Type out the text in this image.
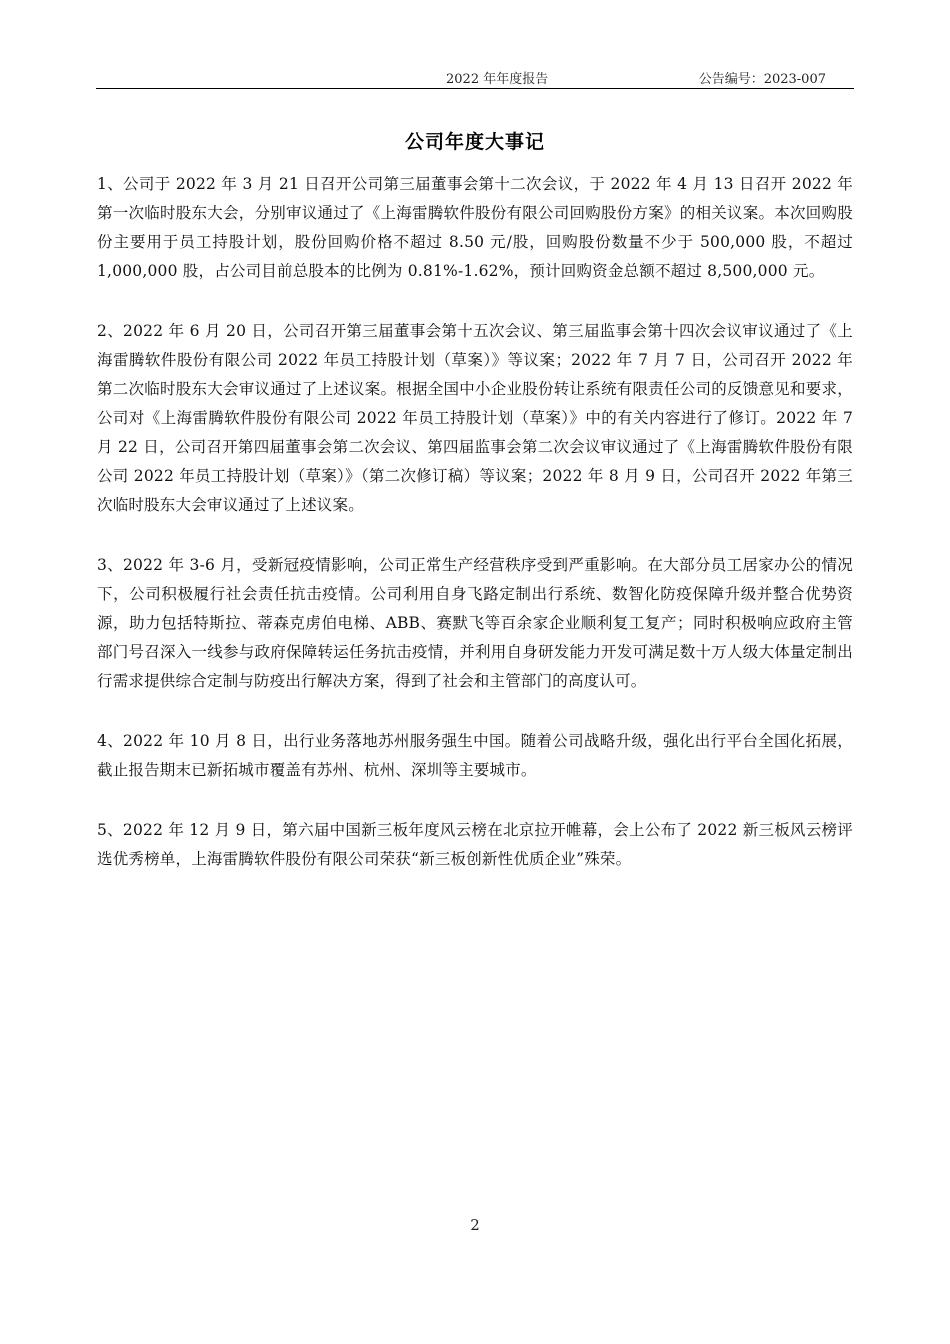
2022 年年度报告	公告编号：2023-007
公司年度大事记

1、公司于 2022 年 3 月 21 日召开公司第三届董事会第十二次会议，于 2022 年 4 月 13 日召开 2022 年第一次临时股东大会，分别审议通过了《上海雷腾软件股份有限公司回购股份方案》的相关议案。本次回购股份主要用于员工持股计划，股份回购价格不超过 8.50 元/股，回购股份数量不少于 500,000 股，不超过 1,000,000 股，占公司目前总股本的比例为 0.81%-1.62%，预计回购资金总额不超过 8,500,000 元。

2、2022 年 6 月 20 日，公司召开第三届董事会第十五次会议、第三届监事会第十四次会议审议通过了《上海雷腾软件股份有限公司 2022 年员工持股计划（草案）》等议案；2022 年 7 月 7 日，公司召开 2022 年第二次临时股东大会审议通过了上述议案。根据全国中小企业股份转让系统有限责任公司的反馈意见和要求，公司对《上海雷腾软件股份有限公司 2022 年员工持股计划（草案）》中的有关内容进行了修订。2022 年 7 月 22 日，公司召开第四届董事会第二次会议、第四届监事会第二次会议审议通过了《上海雷腾软件股份有限公司 2022 年员工持股计划（草案）》（第二次修订稿）等议案；2022 年 8 月 9 日，公司召开 2022 年第三次临时股东大会审议通过了上述议案。

3、2022 年 3-6 月，受新冠疫情影响，公司正常生产经营秩序受到严重影响。在大部分员工居家办公的情况下，公司积极履行社会责任抗击疫情。公司利用自身飞路定制出行系统、数智化防疫保障升级并整合优势资源，助力包括特斯拉、蒂森克虏伯电梯、ABB、赛默飞等百余家企业顺利复工复产；同时积极响应政府主管部门号召深入一线参与政府保障转运任务抗击疫情，并利用自身研发能力开发可满足数十万人级大体量定制出行需求提供综合定制与防疫出行解决方案，得到了社会和主管部门的高度认可。

4、2022 年 10 月 8 日，出行业务落地苏州服务强生中国。随着公司战略升级，强化出行平台全国化拓展，截止报告期末已新拓城市覆盖有苏州、杭州、深圳等主要城市。

5、2022 年 12 月 9 日，第六届中国新三板年度风云榜在北京拉开帷幕，会上公布了 2022 新三板风云榜评选优秀榜单，上海雷腾软件股份有限公司荣获“新三板创新性优质企业”殊荣。

2
